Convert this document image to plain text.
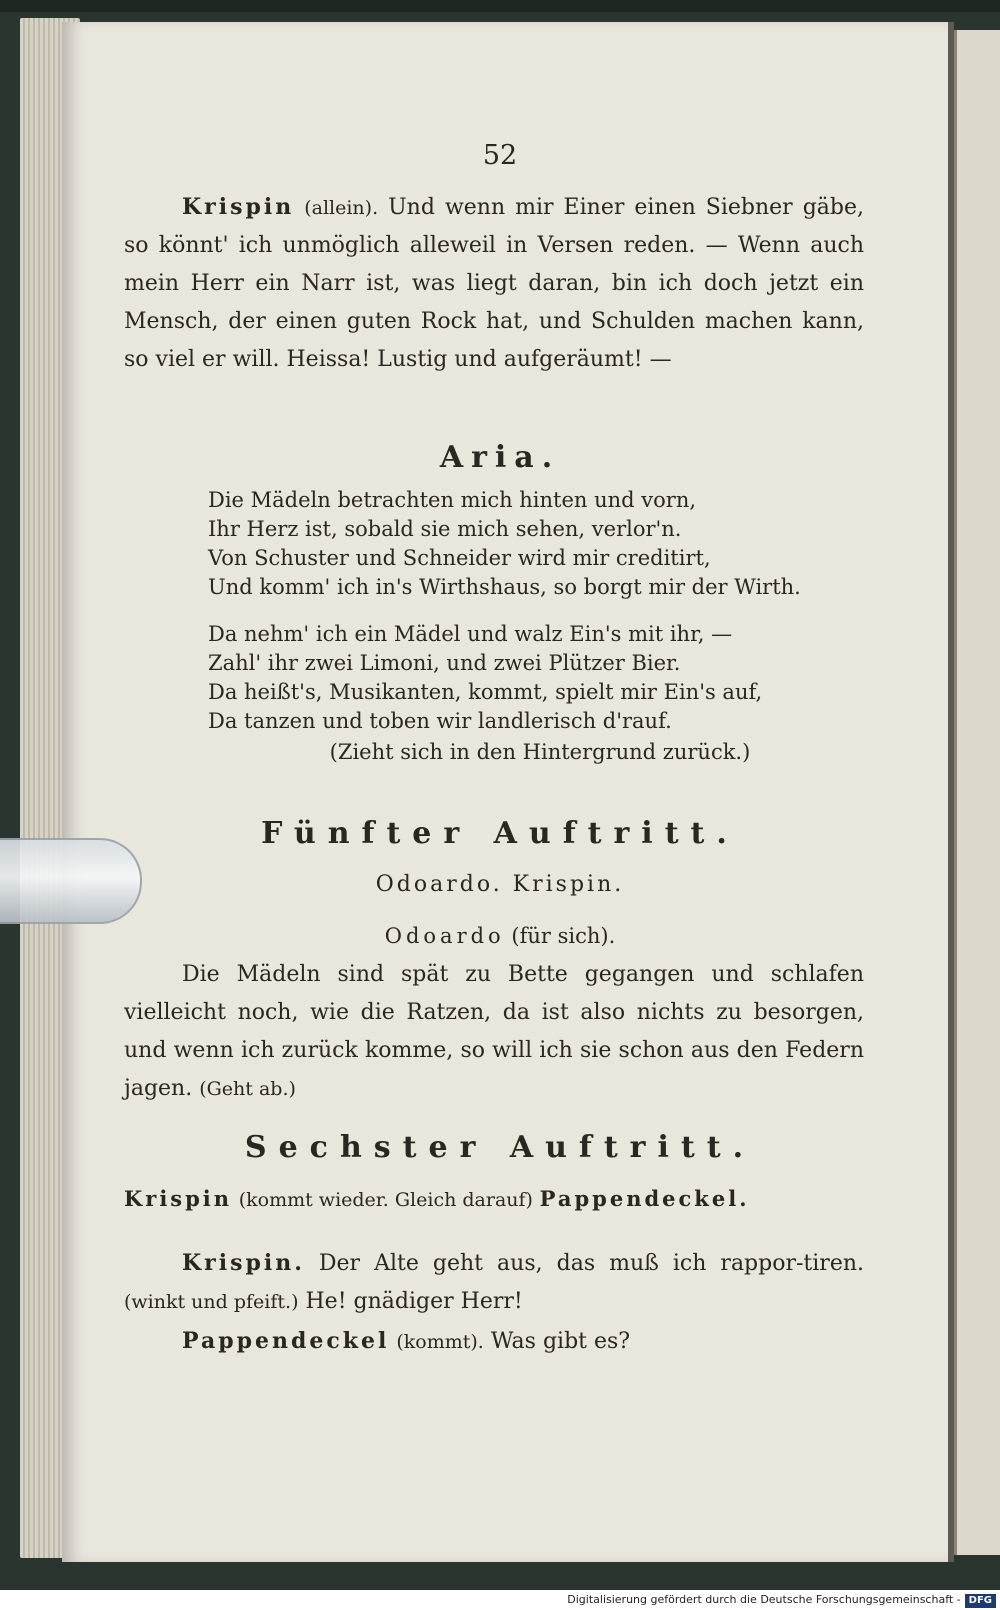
52

Krispin (allein). Und wenn mir Einer einen Siebner gäbe, so könnt' ich unmöglich alleweil in Versen reden. — Wenn auch mein Herr ein Narr ist, was liegt daran, bin ich doch jetzt ein Mensch, der einen guten Rock hat, und Schulden machen kann, so viel er will. Heissa! Lustig und aufgeräumt! —

Aria.
Die Mädeln betrachten mich hinten und vorn,
Ihr Herz ist, sobald sie mich sehen, verlor'n.
Von Schuster und Schneider wird mir creditirt,
Und komm' ich in's Wirthshaus, so borgt mir der Wirth.
Da nehm' ich ein Mädel und walz Ein's mit ihr, —
Zahl' ihr zwei Limoni, und zwei Plützer Bier.
Da heißt's, Musikanten, kommt, spielt mir Ein's auf,
Da tanzen und toben wir landlerisch d'rauf.
(Zieht sich in den Hintergrund zurück.)
Fünfter Auftritt.
Odoardo. Krispin.
Odoardo (für sich).

Die Mädeln sind spät zu Bette gegangen und schlafen vielleicht noch, wie die Ratzen, da ist also nichts zu besorgen, und wenn ich zurück komme, so will ich sie schon aus den Federn jagen. (Geht ab.)

Sechster Auftritt.
Krispin (kommt wieder. Gleich darauf) Pappendeckel.

Krispin. Der Alte geht aus, das muß ich rappor-tiren. (winkt und pfeift.) He! gnädiger Herr!

Pappendeckel (kommt). Was gibt es?

Digitalisierung gefördert durch die Deutsche Forschungsgemeinschaft - DFG
